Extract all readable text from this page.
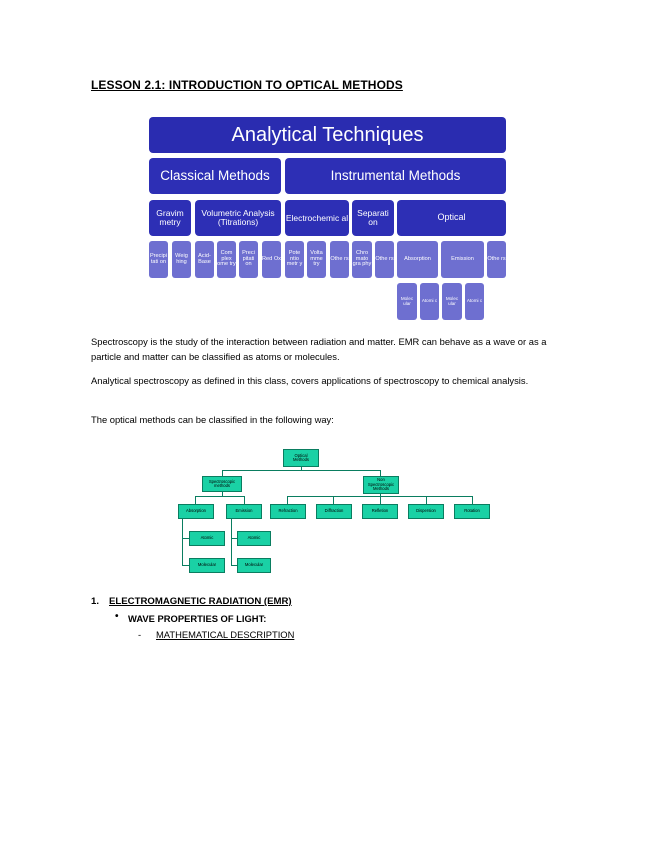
LESSON 2.1: INTRODUCTION TO OPTICAL METHODS
Analytical Techniques
Classical Methods	Instrumental Methods
Gravim metry
Volumetric Analysis (Titrations)	Electrochemic al	Separati on	Optical
Precipi tati on
Weig hing
Acid- Base
Com plex ome try
Preci pitati on
Red Ox
Pote ntio metr y
Volta mme try
Othe rs
Chro mato gra phy
Othe rs	Absorption	Emission	Othe rs
Molec ular	Atomi c	Molec ular	Atomi c
Spectroscopy is the study of the interaction between radiation and matter. EMR can behave as a wave or as a particle and matter can be classified as atoms or molecules.
Analytical spectroscopy as defined in this class, covers applications of spectroscopy to chemical analysis.
The optical methods can be classified in the following way:
Optical Methods
Spectroscopic methods
Non Spectroscopic Methods
Absorption	Emission	Refraction	Diffraction	Refletion	Dispersion	Rotation
Atomic
Molecular
Atomic
Molecular
1. ELECTROMAGNETIC RADIATION (EMR)
• WAVE PROPERTIES OF LIGHT:
- MATHEMATICAL DESCRIPTION
